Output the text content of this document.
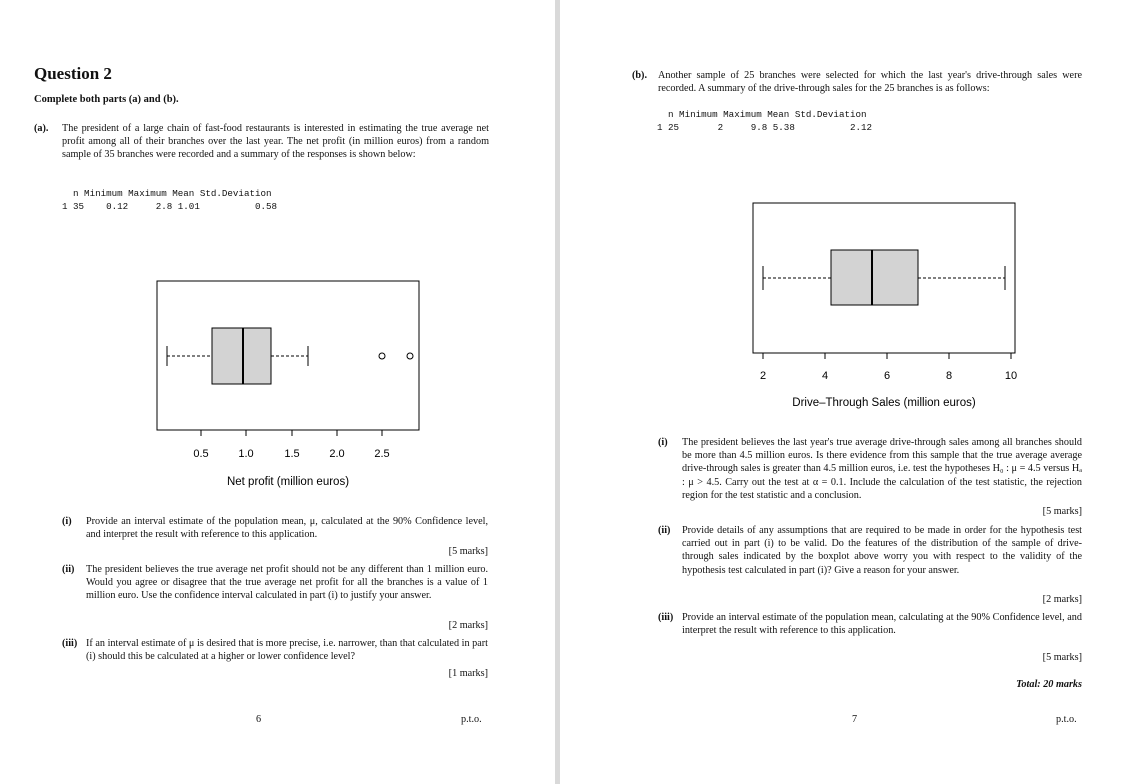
Question 2
Complete both parts (a) and (b).
(a).	The president of a large chain of fast-food restaurants is interested in estimating the true average net profit among all of their branches over the last year. The net profit (in million euros) from a random sample of 35 branches were recorded and a summary of the responses is shown below:
n Minimum Maximum Mean Std.Deviation
1 35    0.12     2.8 1.01          0.58
0.5	1.0	1.5	2.0	2.5
Net profit (million euros)
(i)	Provide an interval estimate of the population mean, μ, calculated at the 90% Confidence level, and interpret the result with reference to this application.
[5 marks]
(ii)	The president believes the true average net profit should not be any different than 1 million euro. Would you agree or disagree that the true average net profit for all the branches is a value of 1 million euro. Use the confidence interval calculated in part (i) to justify your answer.
[2 marks]
(iii) If an interval estimate of μ is desired that is more precise, i.e. narrower, than that calculated in part (i) should this be calculated at a higher or lower confidence level?
[1 marks]
6	p.t.o.
(b).	Another sample of 25 branches were selected for which the last year's drive-through sales were recorded. A summary of the drive-through sales for the 25 branches is as follows:
n Minimum Maximum Mean Std.Deviation
1 25       2     9.8 5.38          2.12
2	4	6	8	10
Drive–Through Sales (million euros)
(i)	The president believes the last year's true average drive-through sales among all branches should be more than 4.5 million euros. Is there evidence from this sample that the true average average drive-through sales is greater than 4.5 million euros, i.e. test the hypotheses H₀ : μ = 4.5 versus Hₐ : μ > 4.5. Carry out the test at α = 0.1. Include the calculation of the test statistic, the rejection region for the test statistic and a conclusion.
[5 marks]
(ii)	Provide details of any assumptions that are required to be made in order for the hypothesis test carried out in part (i) to be valid. Do the features of the distribution of the sample of drive-through sales indicated by the boxplot above worry you with respect to the validity of the hypothesis test calculated in part (i)? Give a reason for your answer.
[2 marks]
(iii) Provide an interval estimate of the population mean, calculating at the 90% Confidence level, and interpret the result with reference to this application.
[5 marks]
Total: 20 marks
7	p.t.o.
